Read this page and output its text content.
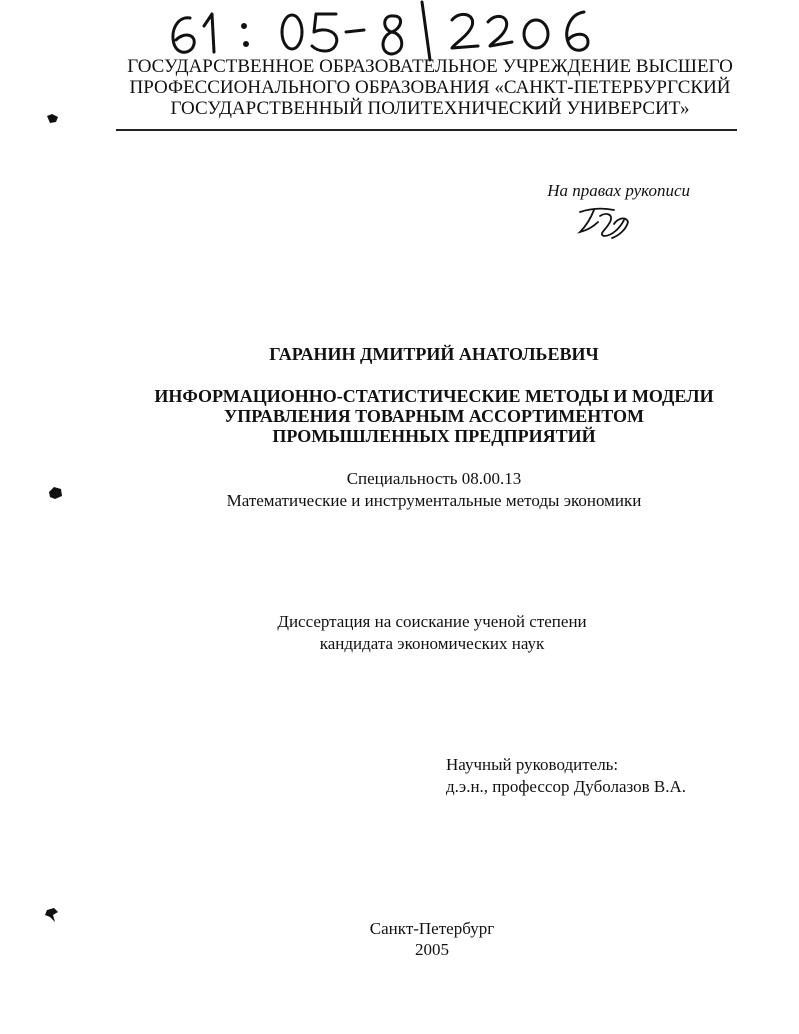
ГОСУДАРСТВЕННОЕ ОБРАЗОВАТЕЛЬНОЕ УЧРЕЖДЕНИЕ ВЫСШЕГО
ПРОФЕССИОНАЛЬНОГО ОБРАЗОВАНИЯ «САНКТ-ПЕТЕРБУРГСКИЙ
ГОСУДАРСТВЕННЫЙ ПОЛИТЕХНИЧЕСКИЙ УНИВЕРСИТ»
На правах рукописи
ГАРАНИН ДМИТРИЙ АНАТОЛЬЕВИЧ
ИНФОРМАЦИОННО-СТАТИСТИЧЕСКИЕ МЕТОДЫ И МОДЕЛИ
УПРАВЛЕНИЯ ТОВАРНЫМ АССОРТИМЕНТОМ
ПРОМЫШЛЕННЫХ ПРЕДПРИЯТИЙ
Специальность 08.00.13
Математические и инструментальные методы экономики
Диссертация на соискание ученой степени
кандидата экономических наук
Научный руководитель:
д.э.н., профессор Дуболазов В.А.
Санкт-Петербург
2005
